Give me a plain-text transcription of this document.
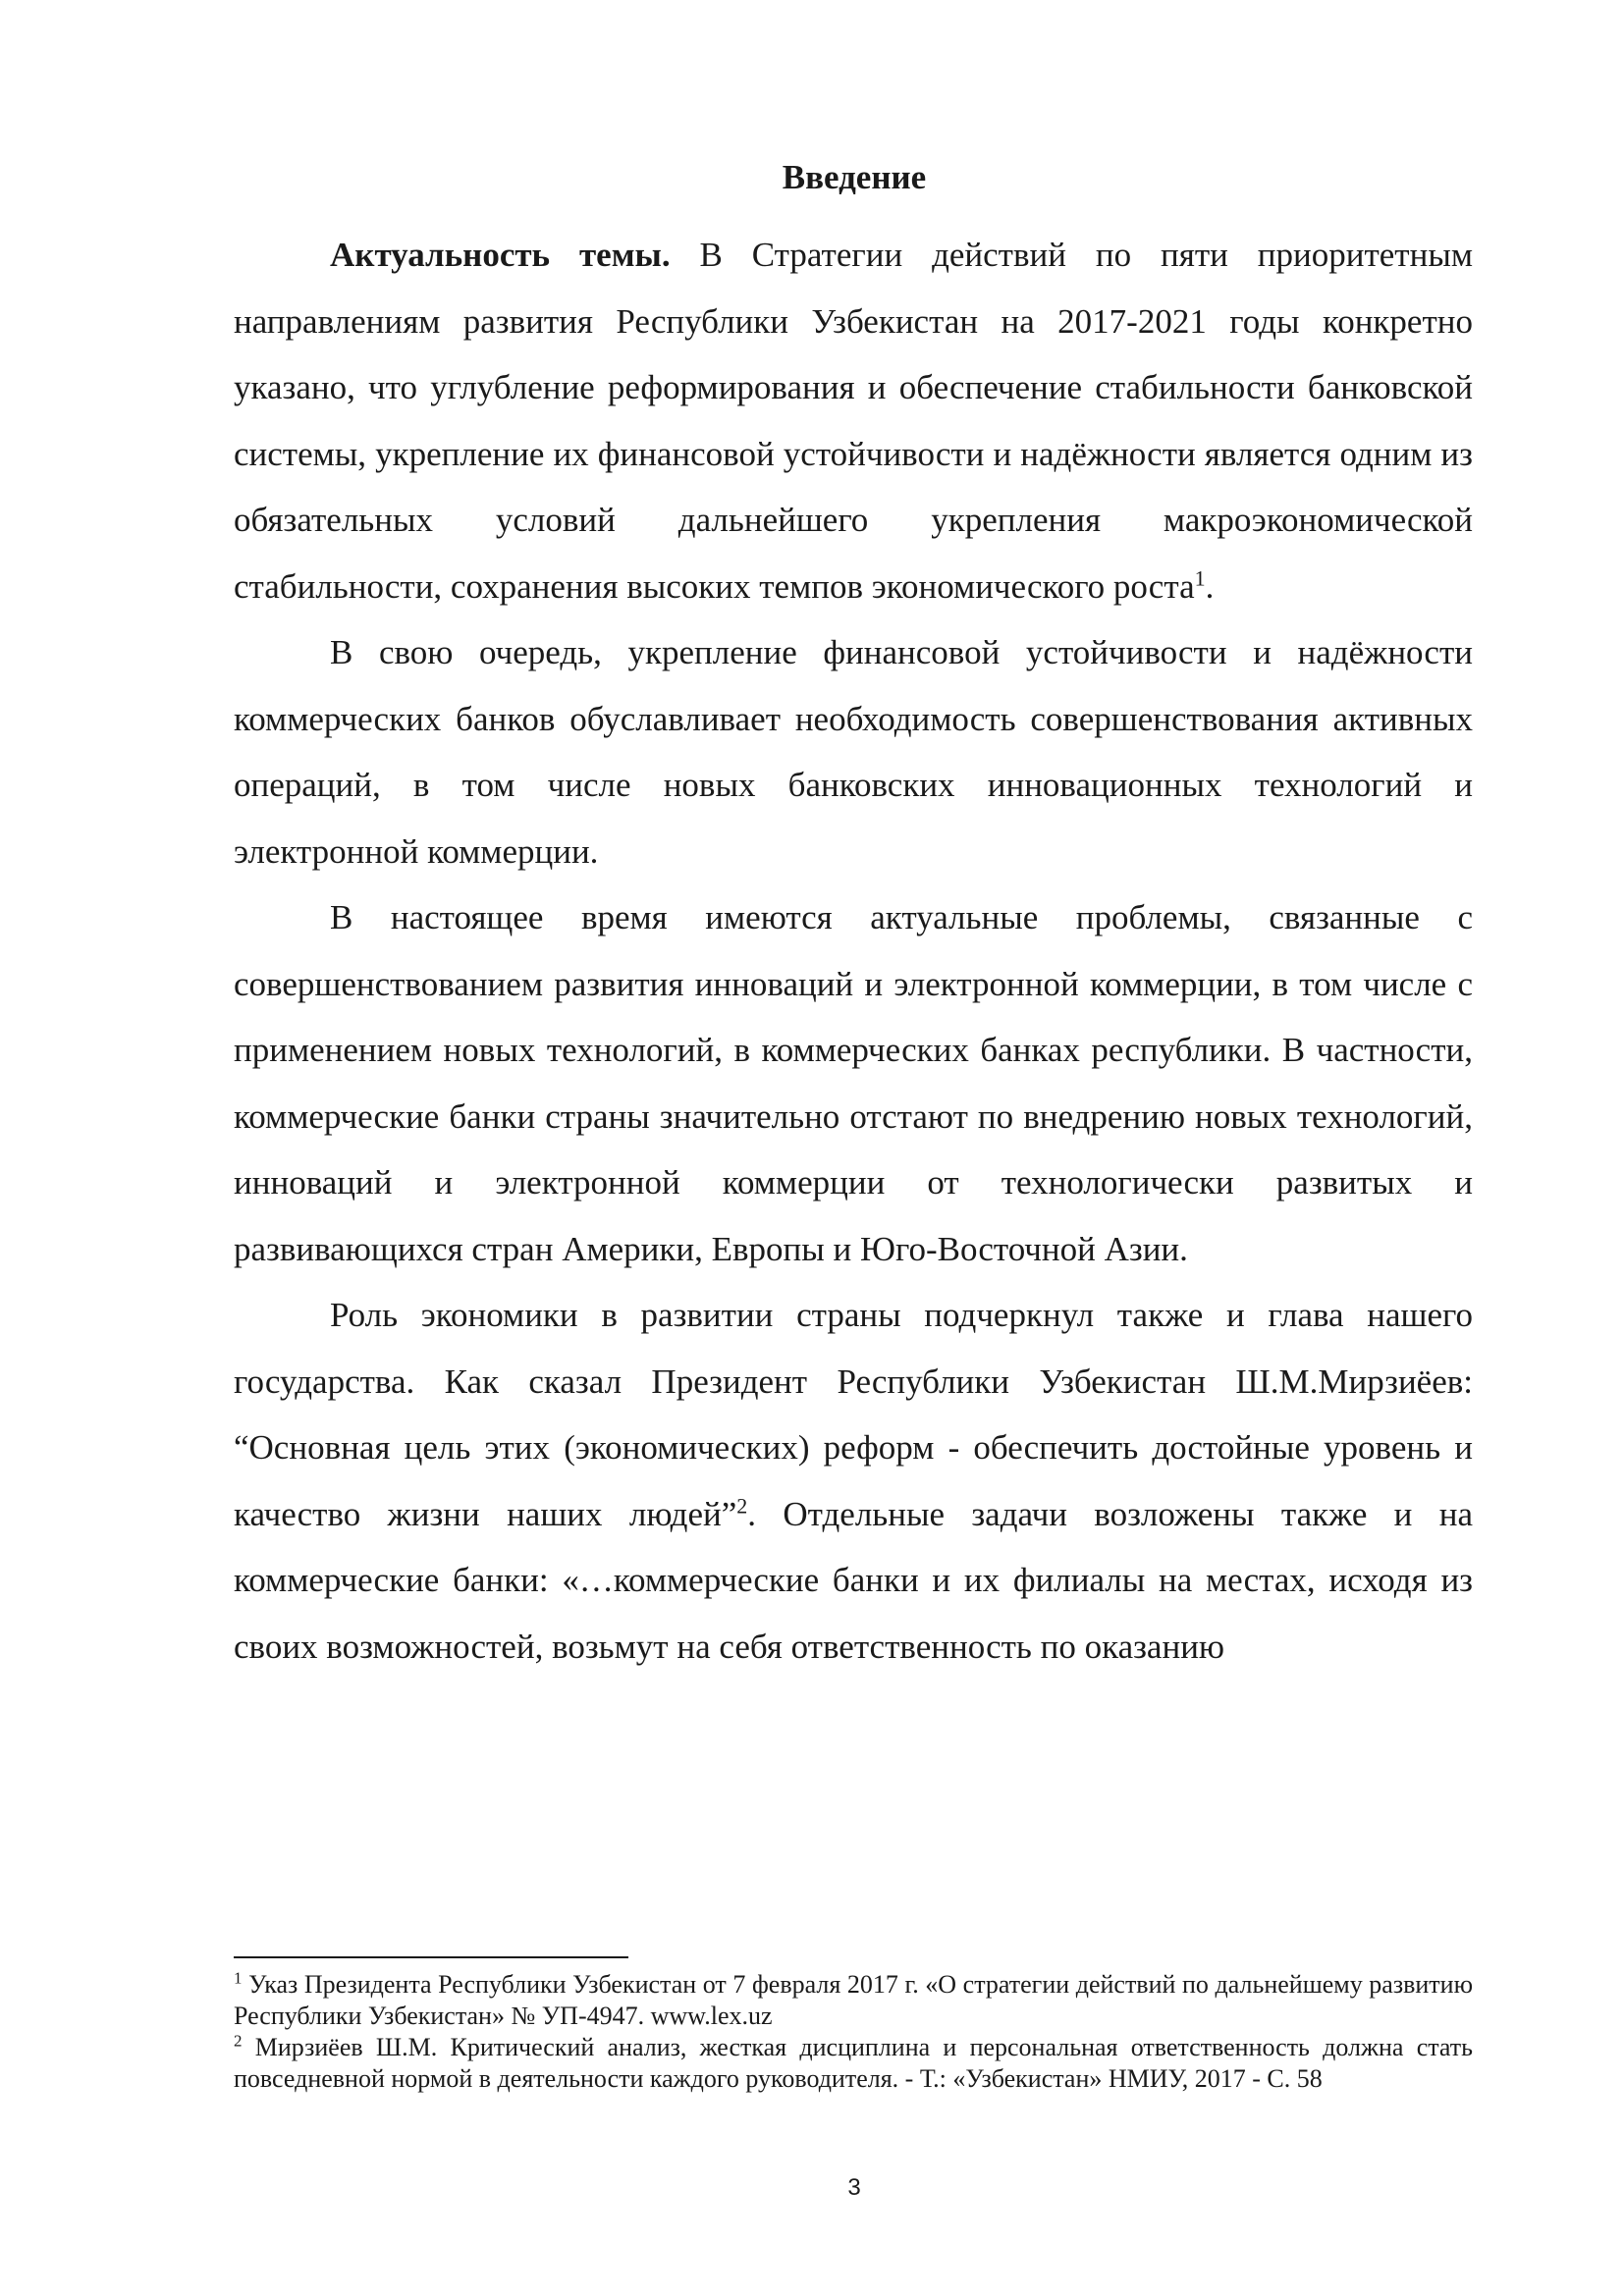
Введение

Актуальность темы. В Стратегии действий по пяти приоритетным направлениям развития Республики Узбекистан на 2017-2021 годы конкретно указано, что углубление реформирования и обеспечение стабильности банковской системы, укрепление их финансовой устойчивости и надёжности является одним из обязательных условий дальнейшего укрепления макроэкономической стабильности, сохранения высоких темпов экономического роста$^1$.

В свою очередь, укрепление финансовой устойчивости и надёжности коммерческих банков обуславливает необходимость совершенствования активных операций, в том числе новых банковских инновационных технологий и электронной коммерции.

В настоящее время имеются актуальные проблемы, связанные с совершенствованием развития инноваций и электронной коммерции, в том числе с применением новых технологий, в коммерческих банках республики. В частности, коммерческие банки страны значительно отстают по внедрению новых технологий, инноваций и электронной коммерции от технологически развитых и развивающихся стран Америки, Европы и Юго-Восточной Азии.

Роль экономики в развитии страны подчеркнул также и глава нашего государства. Как сказал Президент Республики Узбекистан Ш.М.Мирзиёев: “Основная цель этих (экономических) реформ - обеспечить достойные уровень и качество жизни наших людей”$^2$. Отдельные задачи возложены также и на коммерческие банки: «…коммерческие банки и их филиалы на местах, исходя из своих возможностей, возьмут на себя ответственность по оказанию

$^1$ Указ Президента Республики Узбекистан от 7 февраля 2017 г. «О стратегии действий по дальнейшему развитию Республики Узбекистан» № УП-4947. www.lex.uz

$^2$ Мирзиёев Ш.М. Критический анализ, жесткая дисциплина и персональная ответственность должна стать повседневной нормой в деятельности каждого руководителя. - Т.: «Узбекистан» НМИУ, 2017 - С. 58

3
